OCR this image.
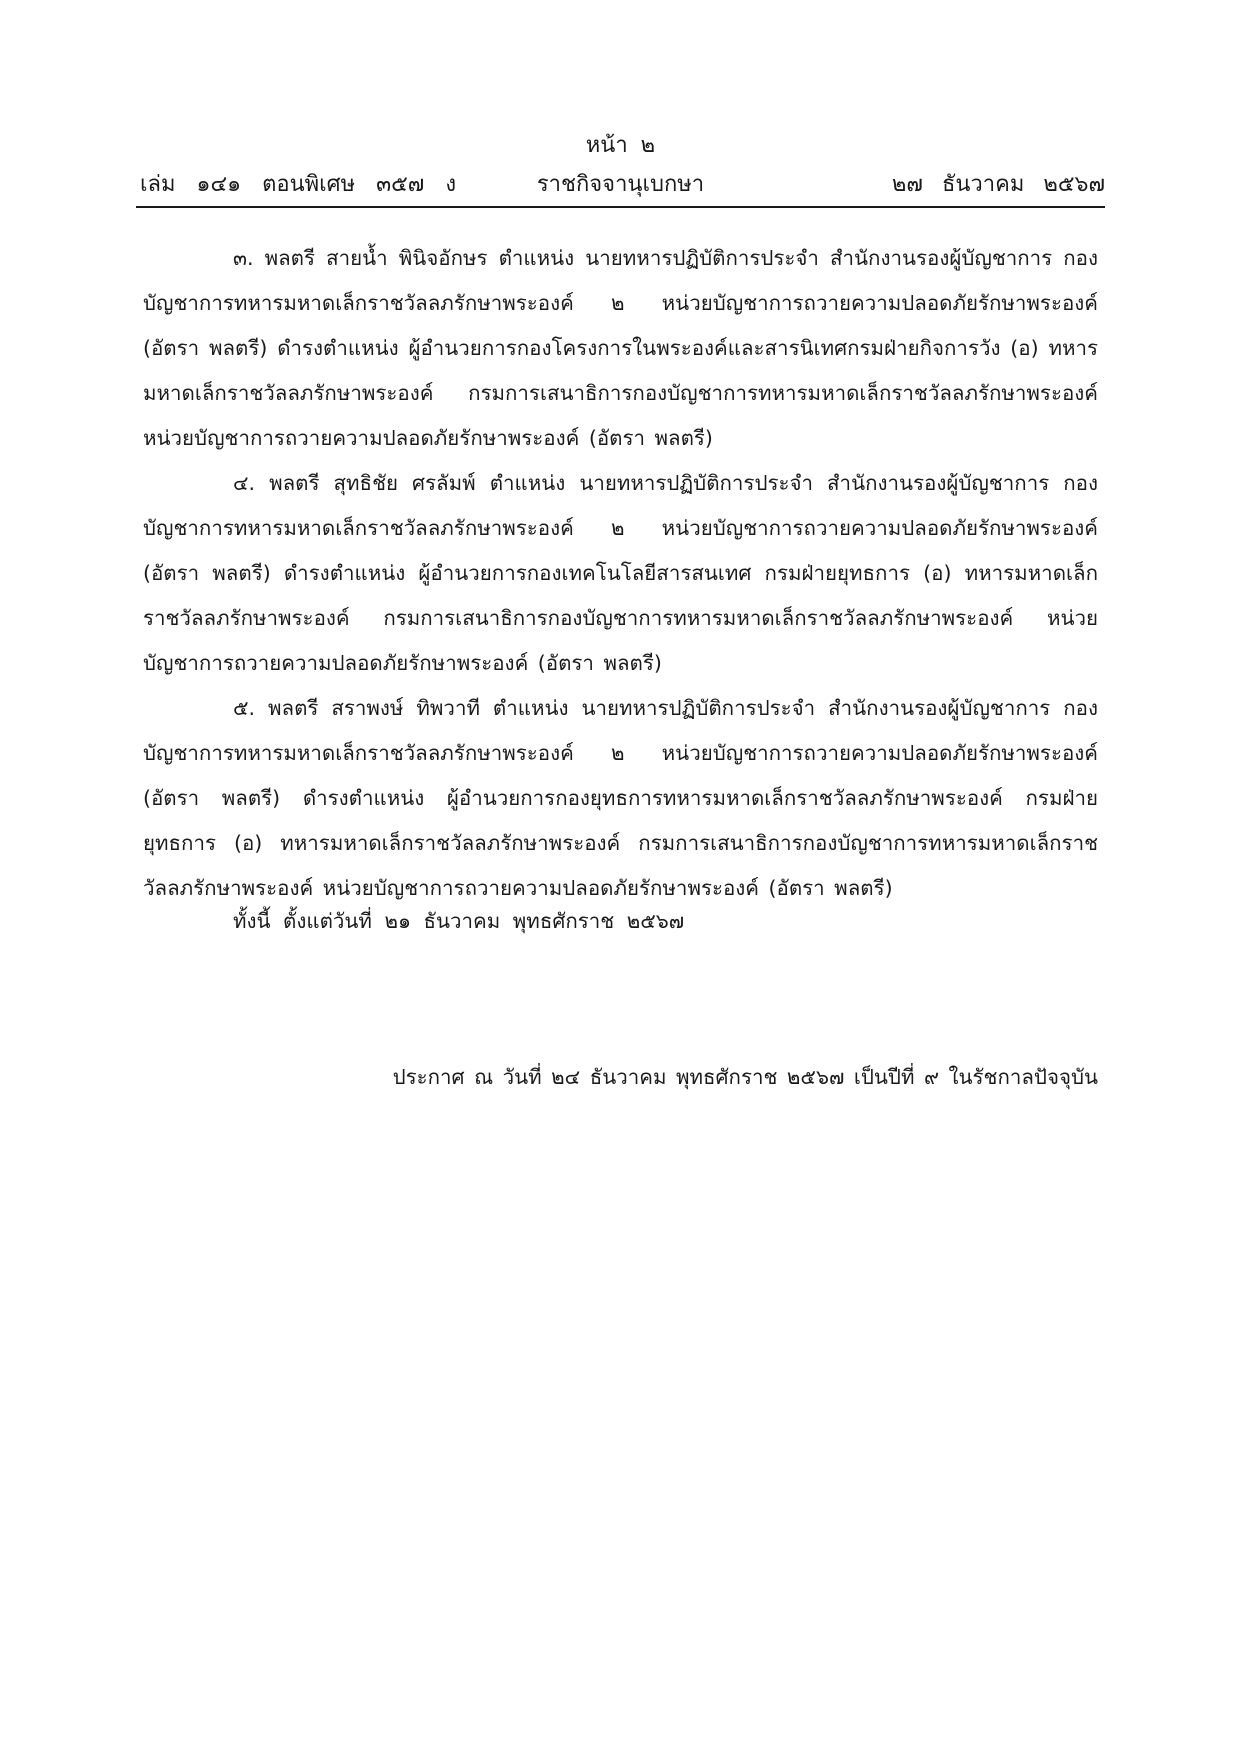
หน้า ๒
เล่ม ๑๔๑ ตอนพิเศษ ๓๕๗ ง	ราชกิจจานุเบกษา	๒๗ ธันวาคม ๒๕๖๗

๓. พลตรี สายน้ำ พินิจอักษร ตำแหน่ง นายทหารปฏิบัติการประจำ สำนักงานรองผู้บัญชาการ กองบัญชาการทหารมหาดเล็กราชวัลลภรักษาพระองค์ ๒ หน่วยบัญชาการถวายความปลอดภัยรักษาพระองค์ (อัตรา พลตรี) ดำรงตำแหน่ง ผู้อำนวยการกองโครงการในพระองค์และสารนิเทศกรมฝ่ายกิจการวัง (อ) ทหารมหาดเล็กราชวัลลภรักษาพระองค์ กรมการเสนาธิการกองบัญชาการทหารมหาดเล็กราชวัลลภรักษาพระองค์ หน่วยบัญชาการถวายความปลอดภัยรักษาพระองค์ (อัตรา พลตรี)

๔. พลตรี สุทธิชัย ศรลัมพ์ ตำแหน่ง นายทหารปฏิบัติการประจำ สำนักงานรองผู้บัญชาการ กองบัญชาการทหารมหาดเล็กราชวัลลภรักษาพระองค์ ๒ หน่วยบัญชาการถวายความปลอดภัยรักษาพระองค์ (อัตรา พลตรี) ดำรงตำแหน่ง ผู้อำนวยการกองเทคโนโลยีสารสนเทศ กรมฝ่ายยุทธการ (อ) ทหารมหาดเล็กราชวัลลภรักษาพระองค์ กรมการเสนาธิการกองบัญชาการทหารมหาดเล็กราชวัลลภรักษาพระองค์ หน่วยบัญชาการถวายความปลอดภัยรักษาพระองค์ (อัตรา พลตรี)

๕. พลตรี สราพงษ์ ทิพวาที ตำแหน่ง นายทหารปฏิบัติการประจำ สำนักงานรองผู้บัญชาการ กองบัญชาการทหารมหาดเล็กราชวัลลภรักษาพระองค์ ๒ หน่วยบัญชาการถวายความปลอดภัยรักษาพระองค์ (อัตรา พลตรี) ดำรงตำแหน่ง ผู้อำนวยการกองยุทธการทหารมหาดเล็กราชวัลลภรักษาพระองค์ กรมฝ่ายยุทธการ (อ) ทหารมหาดเล็กราชวัลลภรักษาพระองค์ กรมการเสนาธิการกองบัญชาการทหารมหาดเล็กราชวัลลภรักษาพระองค์ หน่วยบัญชาการถวายความปลอดภัยรักษาพระองค์ (อัตรา พลตรี)

ทั้งนี้ ตั้งแต่วันที่ ๒๑ ธันวาคม พุทธศักราช ๒๕๖๗

ประกาศ ณ วันที่ ๒๔ ธันวาคม พุทธศักราช ๒๕๖๗ เป็นปีที่ ๙ ในรัชกาลปัจจุบัน
